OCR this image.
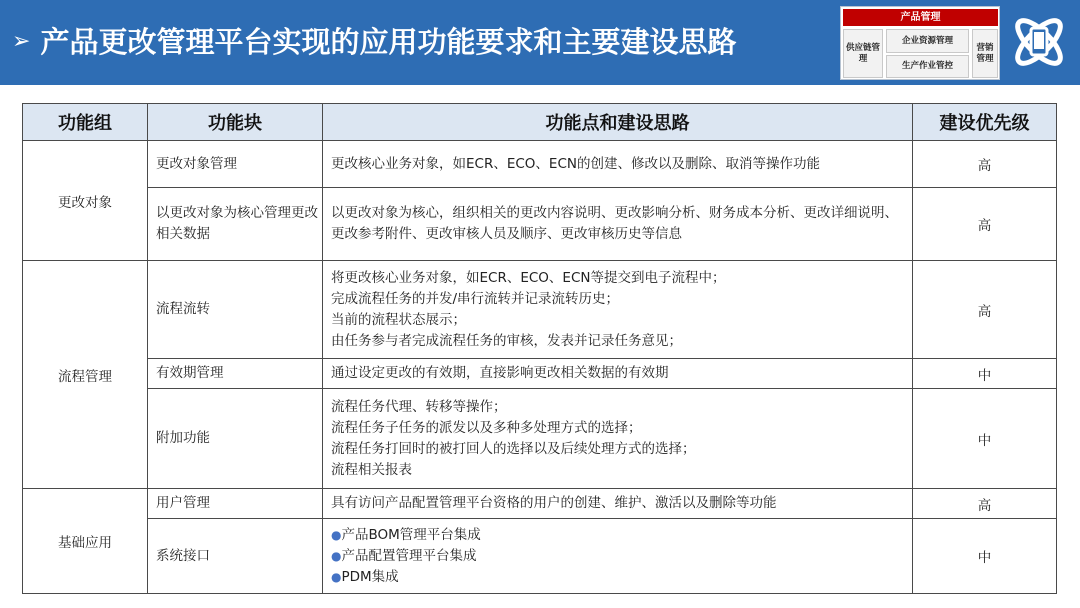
➢ 产品更改管理平台实现的应用功能要求和主要建设思路
产品管理
供应链管理
企业资源管理
生产作业管控
营销管理
功能组	功能块	功能点和建设思路	建设优先级
更改对象	更改对象管理	更改核心业务对象，如ECR、ECO、ECN的创建、修改以及删除、取消等操作功能	高
	以更改对象为核心管理更改相关数据	以更改对象为核心，组织相关的更改内容说明、更改影响分析、财务成本分析、更改详细说明、更改参考附件、更改审核人员及顺序、更改审核历史等信息	高
流程管理	流程流转	将更改核心业务对象，如ECR、ECO、ECN等提交到电子流程中；
完成流程任务的并发/串行流转并记录流转历史；
当前的流程状态展示；
由任务参与者完成流程任务的审核，发表并记录任务意见；	高
	有效期管理	通过设定更改的有效期，直接影响更改相关数据的有效期	中
	附加功能	流程任务代理、转移等操作；
流程任务子任务的派发以及多种多处理方式的选择；
流程任务打回时的被打回人的选择以及后续处理方式的选择；
流程相关报表	中
基础应用	用户管理	具有访问产品配置管理平台资格的用户的创建、维护、激活以及删除等功能	高
	系统接口	● 产品BOM管理平台集成
● 产品配置管理平台集成
● PDM集成	中
